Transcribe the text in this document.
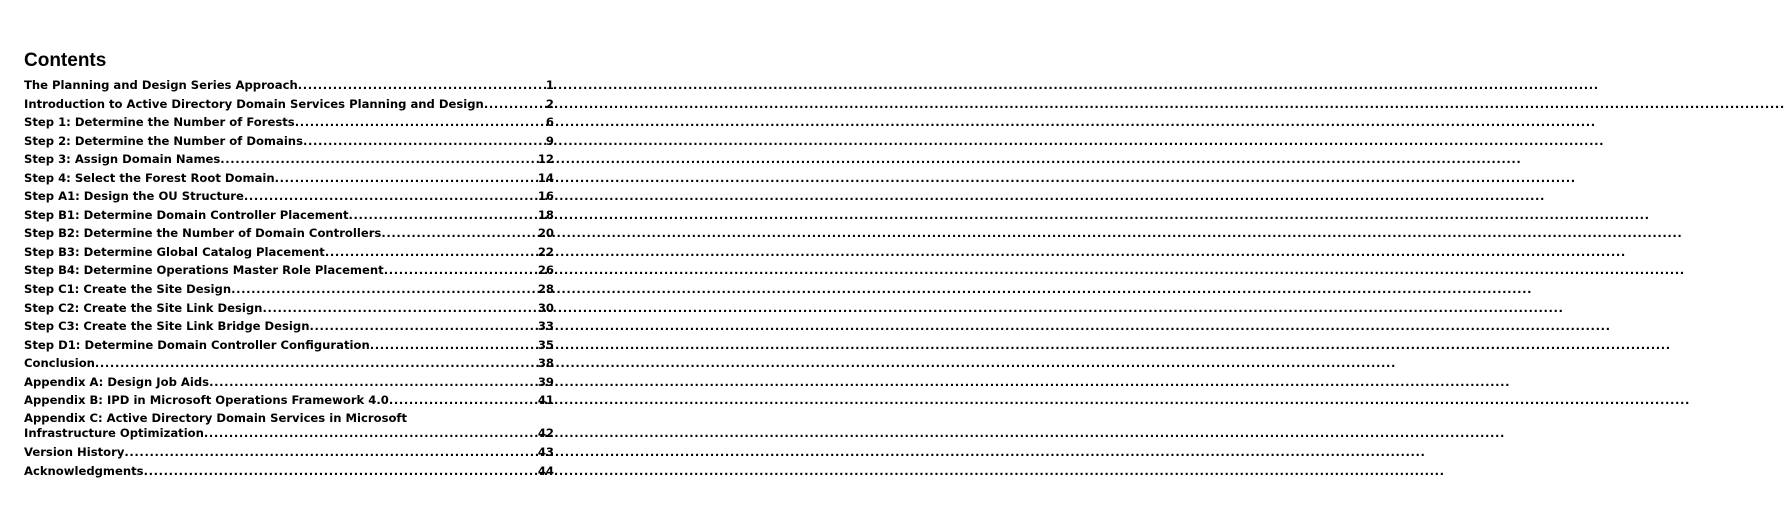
Contents
The Planning and Design Series Approach .....	1
Introduction to Active Directory Domain Services Planning and Design .....	2
Step 1: Determine the Number of Forests .....	6
Step 2: Determine the Number of Domains .....	9
Step 3: Assign Domain Names .....	12
Step 4: Select the Forest Root Domain .....	14
Step A1: Design the OU Structure .....	16
Step B1: Determine Domain Controller Placement .....	18
Step B2: Determine the Number of Domain Controllers .....	20
Step B3: Determine Global Catalog Placement .....	22
Step B4: Determine Operations Master Role Placement .....	26
Step C1: Create the Site Design .....	28
Step C2: Create the Site Link Design .....	30
Step C3: Create the Site Link Bridge Design .....	33
Step D1: Determine Domain Controller Configuration .....	35
Conclusion .....	38
Appendix A: Design Job Aids .....	39
Appendix B: IPD in Microsoft Operations Framework 4.0 .....	41
Appendix C: Active Directory Domain Services in Microsoft
Infrastructure Optimization .....	42
Version History .....	43
Acknowledgments .....	44
